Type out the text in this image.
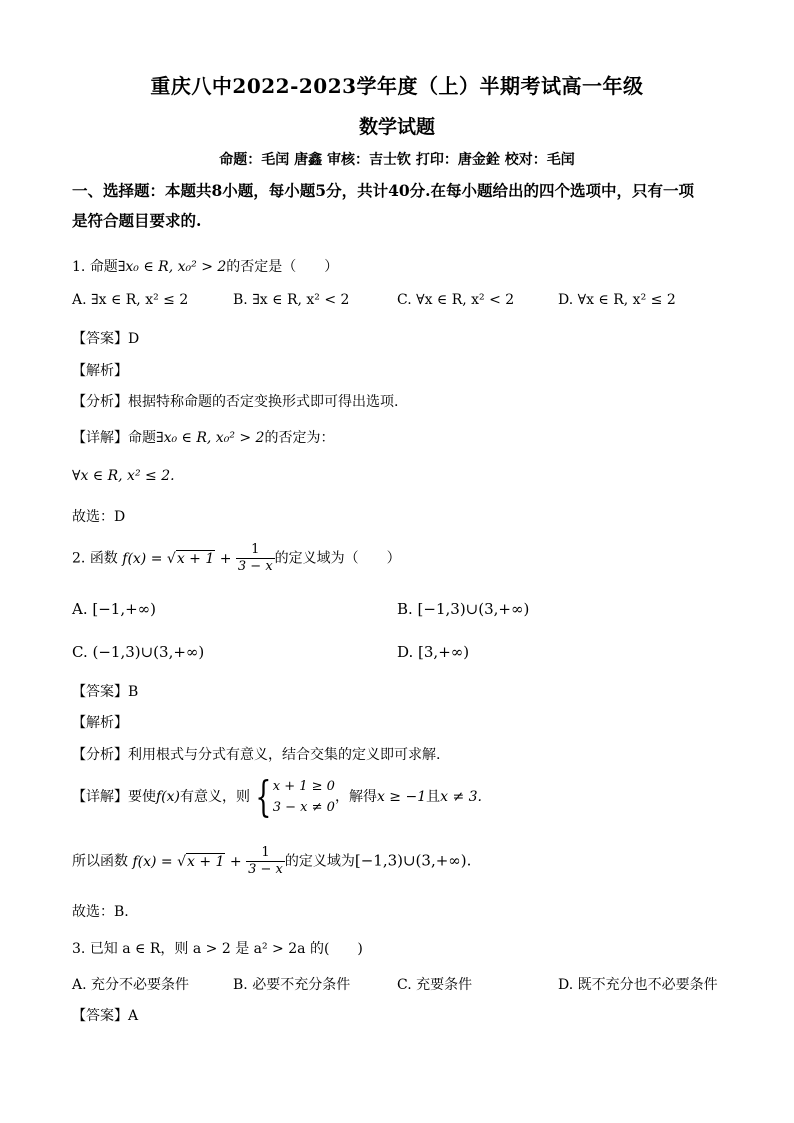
重庆八中2022-2023学年度（上）半期考试高一年级
数学试题
命题：毛闰 唐鑫 审核：吉士钦 打印：唐金銓 校对：毛闰
一、选择题：本题共8小题，每小题5分，共计40分.在每小题给出的四个选项中，只有一项
是符合题目要求的.
1. 命题∃x₀ ∈ R, x₀² > 2的否定是（　　）
A. ∃x ∈ R, x² ≤ 2	B. ∃x ∈ R, x² < 2	C. ∀x ∈ R, x² < 2	D. ∀x ∈ R, x² ≤ 2
【答案】D
【解析】
【分析】根据特称命题的否定变换形式即可得出选项.
【详解】命题∃x₀ ∈ R, x₀² > 2的否定为：
∀x ∈ R, x² ≤ 2.
故选：D
2. 函数 $f(x) = √x + 1 + \frac{1}{3 - x}$ 的定义域为（　　）
A. [−1,+∞)	B. [−1,3)∪(3,+∞)
C. (−1,3)∪(3,+∞)	D. [3,+∞)
【答案】B
【解析】
【分析】利用根式与分式有意义，结合交集的定义即可求解.
【详解】要使f(x)有意义，则 { x + 1 ≥ 0
3 − x ≠ 0
，解得x ≥ −1且x ≠ 3.
所以函数 $f(x) = √x + 1 + \frac{1}{3 - x}$ 的定义域为[−1,3)∪(3,+∞).
故选：B.
3. 已知 a ∈ R，则 a > 2 是 a² > 2a 的(　　)
A. 充分不必要条件	B. 必要不充分条件	C. 充要条件	D. 既不充分也不必要条件
【答案】A
